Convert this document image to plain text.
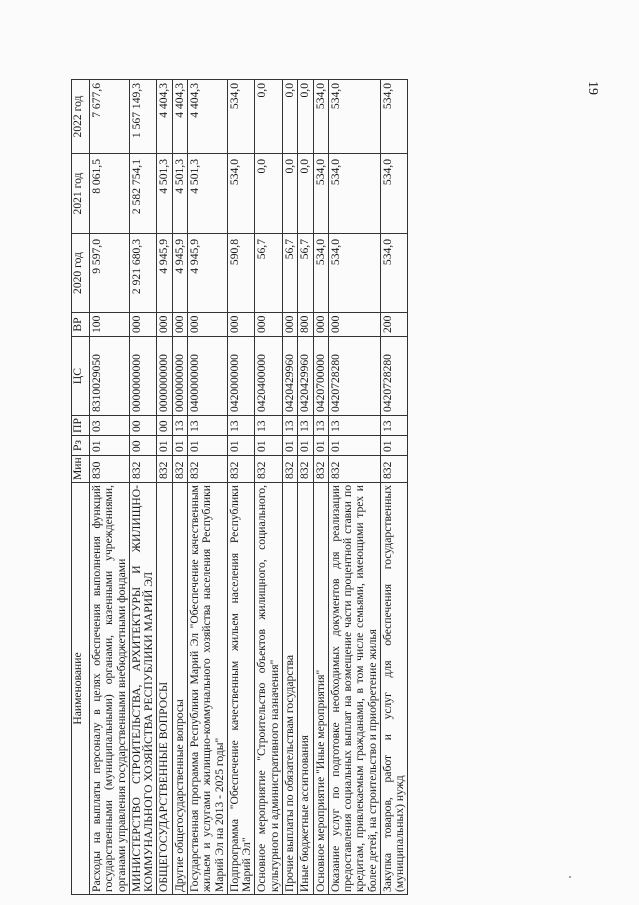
19
Наименование	Мин	Рз	ПР	ЦС	ВР	2020 год	2021 год	2022 год
Расходы на выплаты персоналу в целях обеспечения выполнения функций государственными (муниципальными) органами, казенными учреждениями, органами управления государственными внебюджетными фондами	830	01	03	8310029050	100	9 597,0	8 061,5	7 677,6
МИНИСТЕРСТВО СТРОИТЕЛЬСТВА, АРХИТЕКТУРЫ И ЖИЛИЩНО-КОММУНАЛЬНОГО ХОЗЯЙСТВА РЕСПУБЛИКИ МАРИЙ ЭЛ	832	00	00	0000000000	000	2 921 680,3	2 582 754,1	1 567 149,3
ОБЩЕГОСУДАРСТВЕННЫЕ ВОПРОСЫ	832	01	00	0000000000	000	4 945,9	4 501,3	4 404,3
Другие общегосударственные вопросы	832	01	13	0000000000	000	4 945,9	4 501,3	4 404,3
Государственная программа Республики Марий Эл "Обеспечение качественным жильем и услугами жилищно-коммунального хозяйства населения Республики Марий Эл на 2013 - 2025 годы"	832	01	13	0400000000	000	4 945,9	4 501,3	4 404,3
Подпрограмма "Обеспечение качественным жильем населения Республики Марий Эл"	832	01	13	0420000000	000	590,8	534,0	534,0
Основное мероприятие "Строительство объектов жилищного, социального, культурного и административного назначения"	832	01	13	0420400000	000	56,7	0,0	0,0
Прочие выплаты по обязательствам государства	832	01	13	0420429960	000	56,7	0,0	0,0
Иные бюджетные ассигнования	832	01	13	0420429960	800	56,7	0,0	0,0
Основное мероприятие "Иные мероприятия"	832	01	13	0420700000	000	534,0	534,0	534,0
Оказание услуг по подготовке необходимых документов для реализации предоставления социальных выплат на возмещение части процентной ставки по кредитам, привлекаемым гражданами, в том числе семьями, имеющими трех и более детей, на строительство и приобретение жилья	832	01	13	0420728280	000	534,0	534,0	534,0
Закупка товаров, работ и услуг для обеспечения государственных (муниципальных) нужд	832	01	13	0420728280	200	534,0	534,0	534,0
